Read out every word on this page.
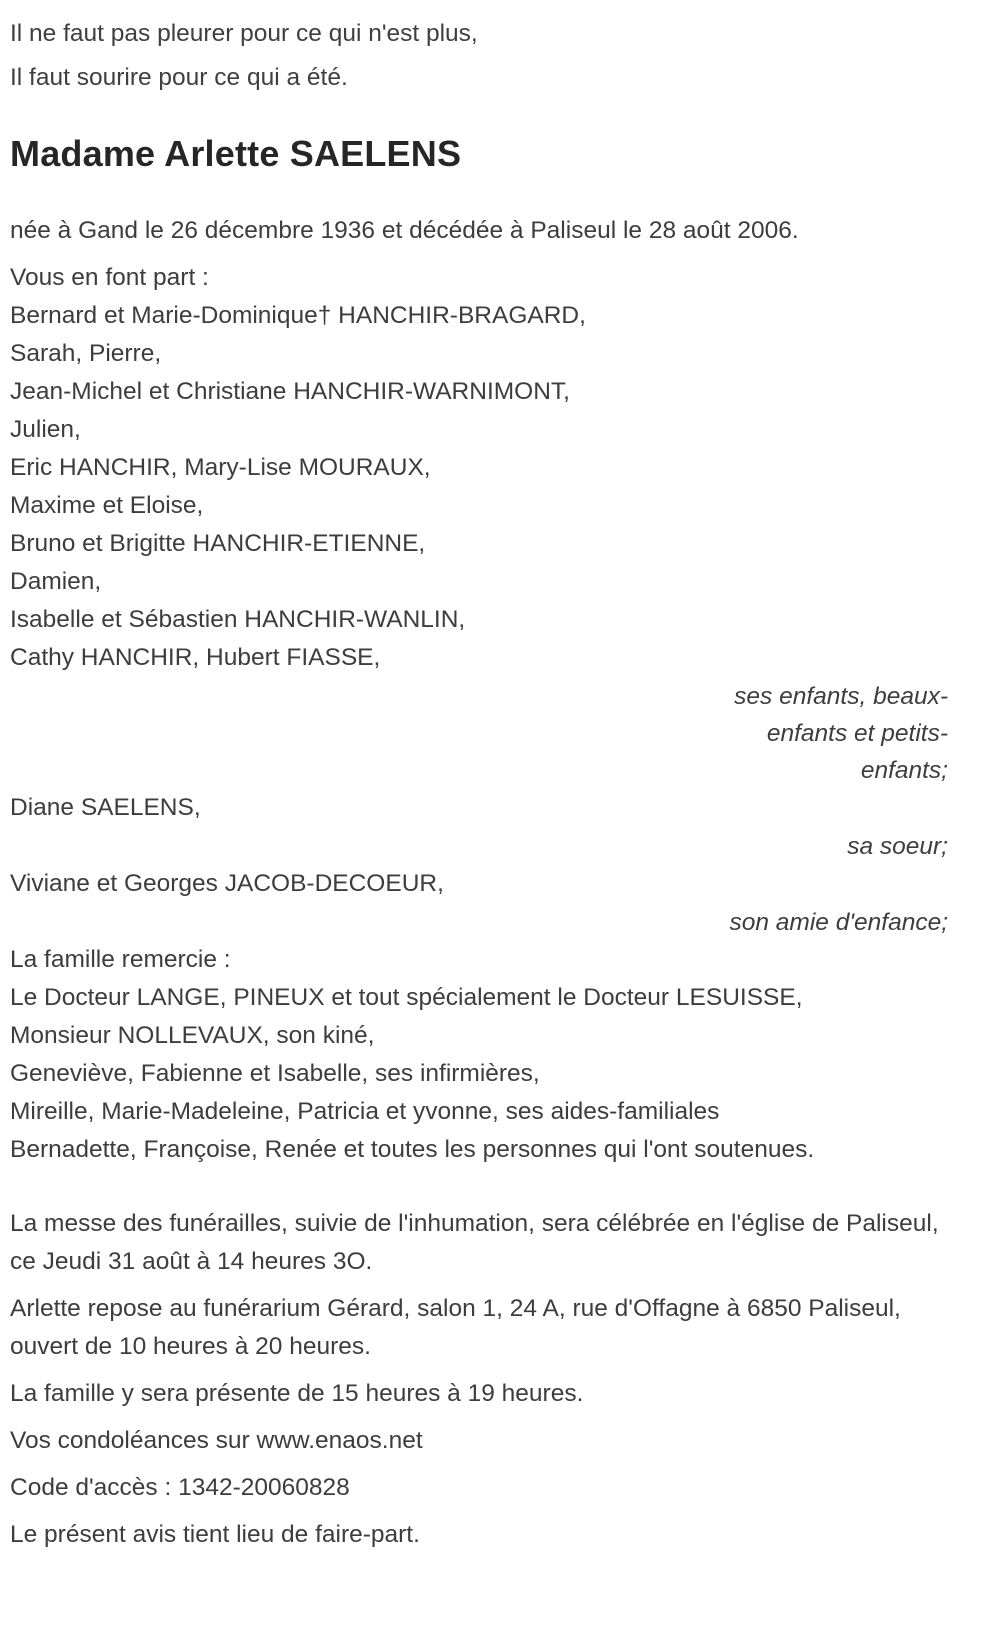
Il ne faut pas pleurer pour ce qui n'est plus,

Il faut sourire pour ce qui a été.

Madame Arlette SAELENS

née à Gand le 26 décembre 1936 et décédée à Paliseul le 28 août 2006.

Vous en font part :

Bernard et Marie-Dominique† HANCHIR-BRAGARD,

Sarah, Pierre,

Jean-Michel et Christiane HANCHIR-WARNIMONT,

Julien,

Eric HANCHIR, Mary-Lise MOURAUX,

Maxime et Eloise,

Bruno et Brigitte HANCHIR-ETIENNE,

Damien,

Isabelle et Sébastien HANCHIR-WANLIN,

Cathy HANCHIR, Hubert FIASSE,

ses enfants, beaux-enfants et petits-enfants;

Diane SAELENS,

sa soeur;

Viviane et Georges JACOB-DECOEUR,

son amie d'enfance;

La famille remercie :

Le Docteur LANGE, PINEUX et tout spécialement le Docteur LESUISSE,

Monsieur NOLLEVAUX, son kiné,

Geneviève, Fabienne et Isabelle, ses infirmières,

Mireille, Marie-Madeleine, Patricia et yvonne, ses aides-familiales

Bernadette, Françoise, Renée et toutes les personnes qui l'ont soutenues.

La messe des funérailles, suivie de l'inhumation, sera célébrée en l'église de Paliseul, ce Jeudi 31 août à 14 heures 3O.

Arlette repose au funérarium Gérard, salon 1, 24 A, rue d'Offagne à 6850 Paliseul, ouvert de 10 heures à 20 heures.

La famille y sera présente de 15 heures à 19 heures.

Vos condoléances sur www.enaos.net

Code d'accès : 1342-20060828

Le présent avis tient lieu de faire-part.
